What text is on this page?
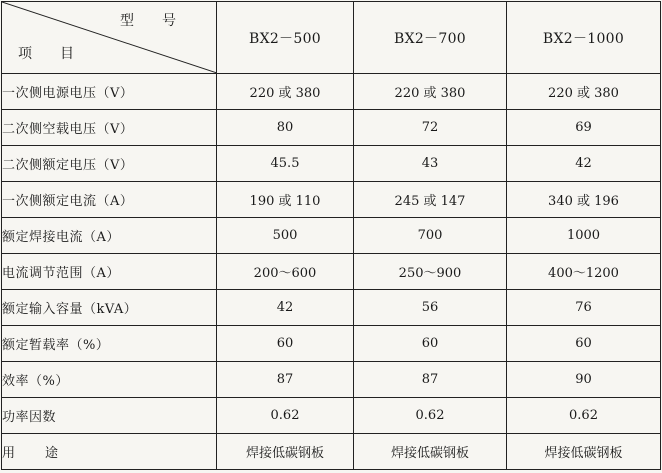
型号
项目	BX2－500	BX2－700	BX2－1000
一次侧电源电压（V）	220 或 380	220 或 380	220 或 380
二次侧空载电压（V）	80	72	69
二次侧额定电压（V）	45.5	43	42
一次侧额定电流（A）	190 或 110	245 或 147	340 或 196
额定焊接电流（A）	500	700	1000
电流调节范围（A）	200～600	250～900	400～1200
额定输入容量（kVA）	42	56	76
额定暂载率（%）	60	60	60
效率（%）	87	87	90
功率因数	0.62	0.62	0.62
用途	焊接低碳钢板	焊接低碳钢板	焊接低碳钢板
